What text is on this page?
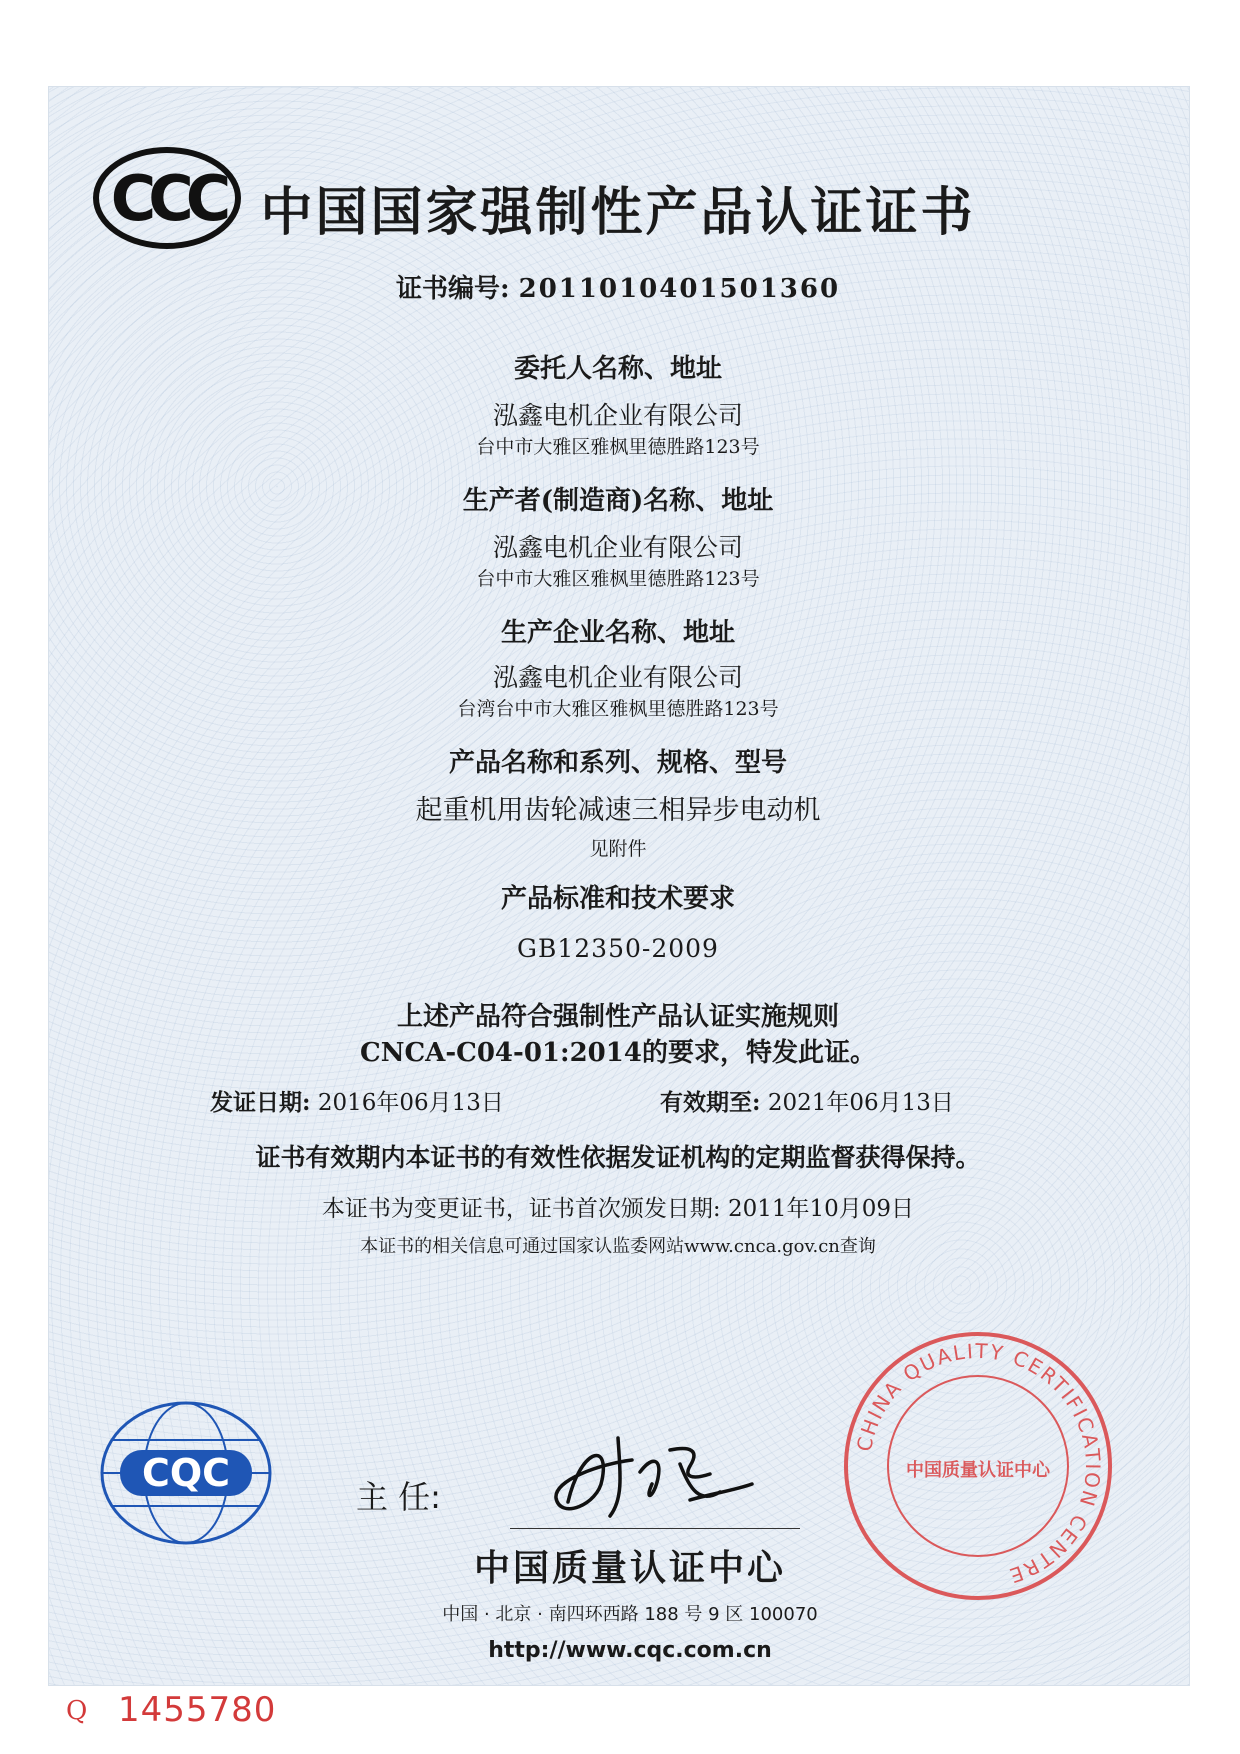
CCC 中国国家强制性产品认证证书
证书编号: 2011010401501360
委托人名称、地址
泓鑫电机企业有限公司
台中市大雅区雅枫里德胜路123号
生产者(制造商)名称、地址
泓鑫电机企业有限公司
台中市大雅区雅枫里德胜路123号
生产企业名称、地址
泓鑫电机企业有限公司
台湾台中市大雅区雅枫里德胜路123号
产品名称和系列、规格、型号
起重机用齿轮减速三相异步电动机
见附件
产品标准和技术要求
GB12350-2009
上述产品符合强制性产品认证实施规则
CNCA-C04-01:2014的要求，特发此证。
发证日期: 2016年06月13日	有效期至: 2021年06月13日
证书有效期内本证书的有效性依据发证机构的定期监督获得保持。
本证书为变更证书，证书首次颁发日期: 2011年10月09日
本证书的相关信息可通过国家认监委网站www.cnca.gov.cn查询
CQC
主 任:
中国质量认证中心
中国 · 北京 · 南四环西路 188 号 9 区 100070
http://www.cqc.com.cn
CHINA QUALITY CERTIFICATION CENTRE
中国质量认证中心
Q 1455780
